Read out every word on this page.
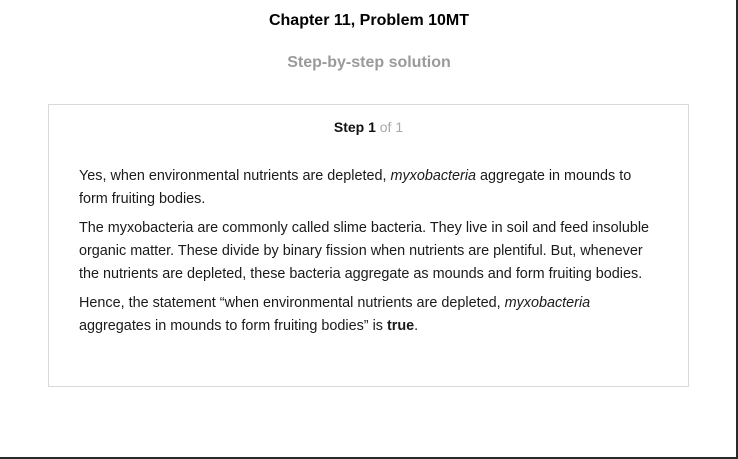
Chapter 11, Problem 10MT
Step-by-step solution
Step 1 of 1

Yes, when environmental nutrients are depleted, myxobacteria aggregate in mounds to form fruiting bodies.

The myxobacteria are commonly called slime bacteria. They live in soil and feed insoluble organic matter. These divide by binary fission when nutrients are plentiful. But, whenever the nutrients are depleted, these bacteria aggregate as mounds and form fruiting bodies.

Hence, the statement “when environmental nutrients are depleted, myxobacteria aggregates in mounds to form fruiting bodies” is true.
